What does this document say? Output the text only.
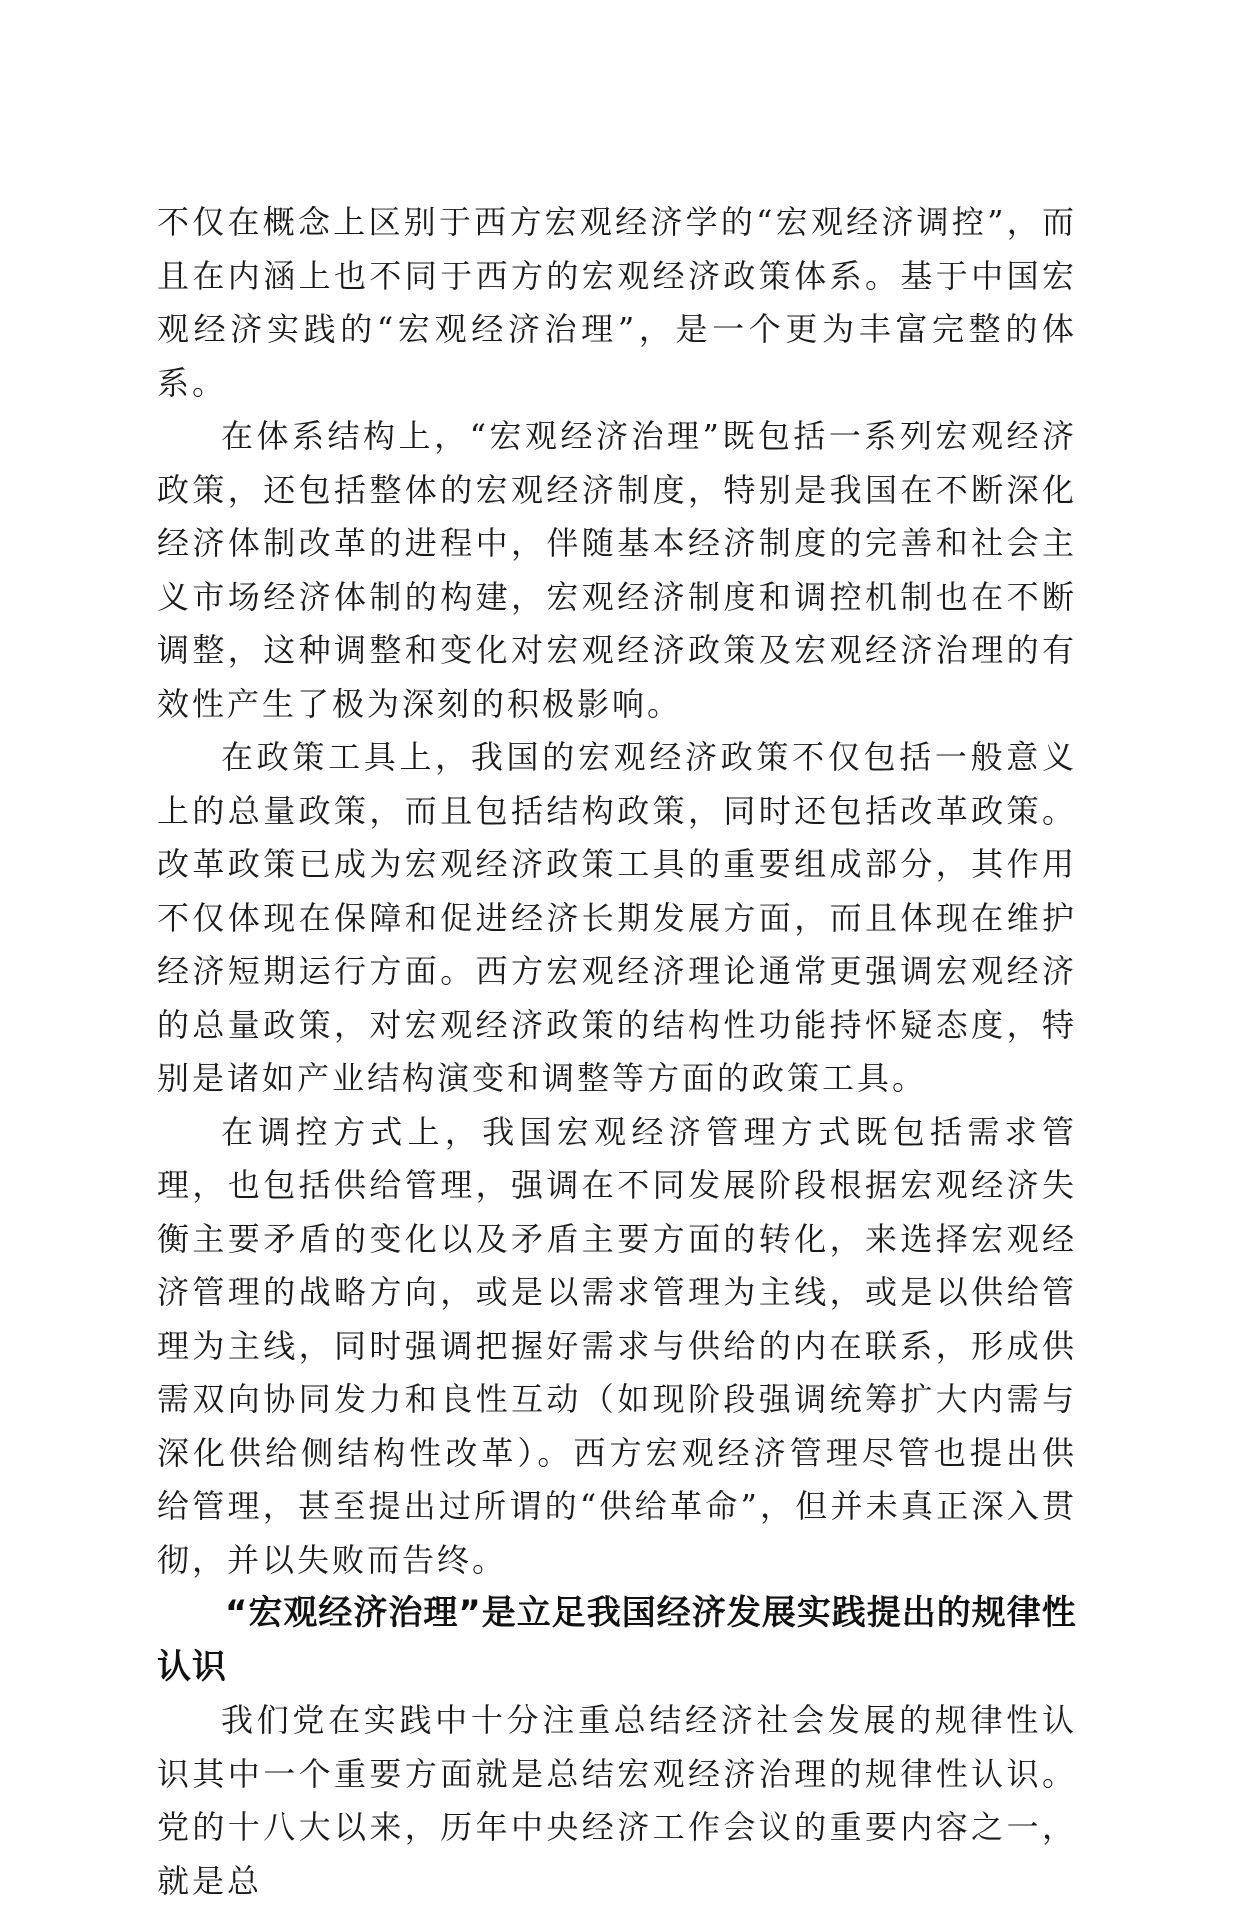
不仅在概念上区别于西方宏观经济学的“宏观经济调控”，而且在内涵上也不同于西方的宏观经济政策体系。基于中国宏观经济实践的“宏观经济治理”，是一个更为丰富完整的体系。

在体系结构上，“宏观经济治理”既包括一系列宏观经济政策，还包括整体的宏观经济制度，特别是我国在不断深化经济体制改革的进程中，伴随基本经济制度的完善和社会主义市场经济体制的构建，宏观经济制度和调控机制也在不断调整，这种调整和变化对宏观经济政策及宏观经济治理的有效性产生了极为深刻的积极影响。

在政策工具上，我国的宏观经济政策不仅包括一般意义上的总量政策，而且包括结构政策，同时还包括改革政策。改革政策已成为宏观经济政策工具的重要组成部分，其作用不仅体现在保障和促进经济长期发展方面，而且体现在维护经济短期运行方面。西方宏观经济理论通常更强调宏观经济的总量政策，对宏观经济政策的结构性功能持怀疑态度，特别是诸如产业结构演变和调整等方面的政策工具。

在调控方式上，我国宏观经济管理方式既包括需求管理，也包括供给管理，强调在不同发展阶段根据宏观经济失衡主要矛盾的变化以及矛盾主要方面的转化，来选择宏观经济管理的战略方向，或是以需求管理为主线，或是以供给管理为主线，同时强调把握好需求与供给的内在联系，形成供需双向协同发力和良性互动（如现阶段强调统筹扩大内需与深化供给侧结构性改革）。西方宏观经济管理尽管也提出供给管理，甚至提出过所谓的“供给革命”，但并未真正深入贯彻，并以失败而告终。

“宏观经济治理”是立足我国经济发展实践提出的规律性认识

我们党在实践中十分注重总结经济社会发展的规律性认识其中一个重要方面就是总结宏观经济治理的规律性认识。党的十八大以来，历年中央经济工作会议的重要内容之一，就是总
